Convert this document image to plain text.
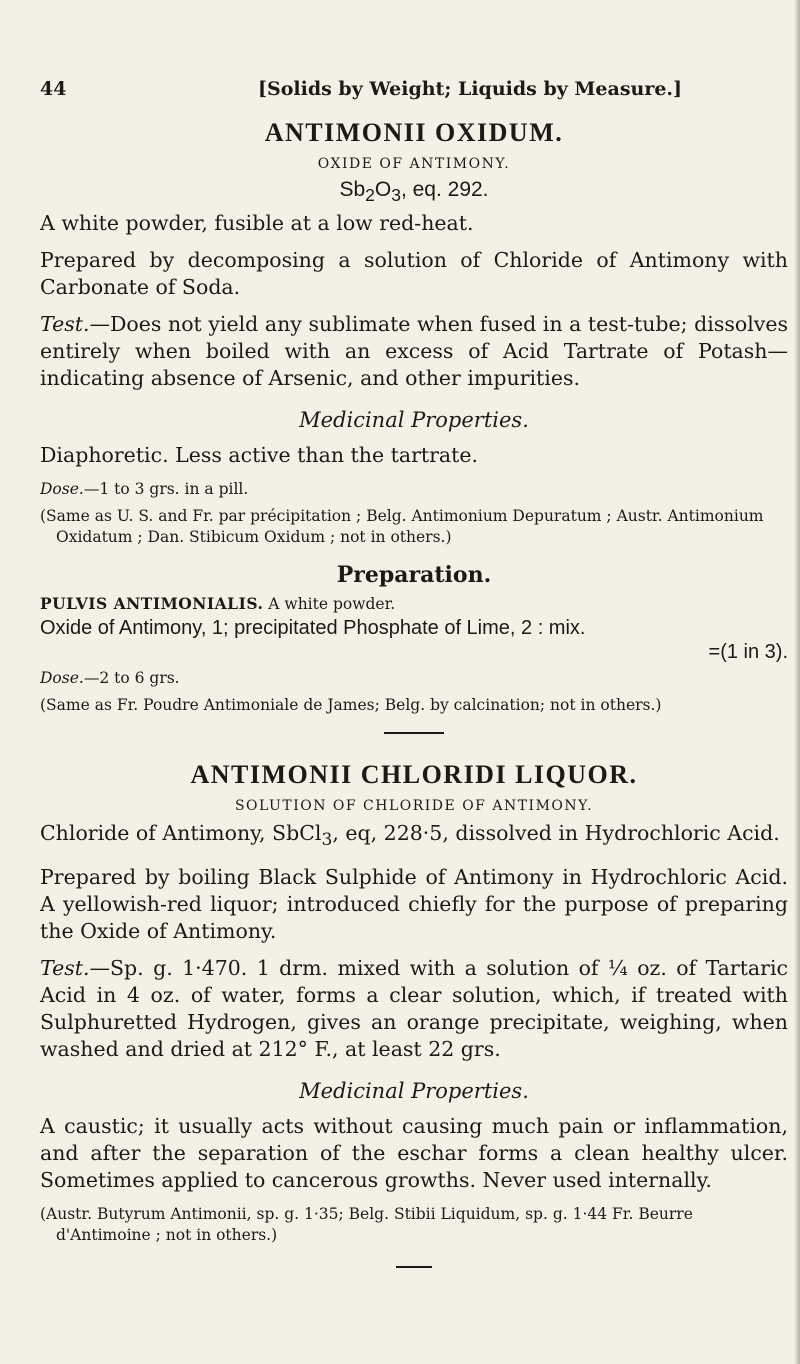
44	[Solids by Weight; Liquids by Measure.]
ANTIMONII OXIDUM.
OXIDE OF ANTIMONY.
$Sb_2O_3$, eq. 292.

A white powder, fusible at a low red-heat.

Prepared by decomposing a solution of Chloride of Antimony with Carbonate of Soda.

Test.—Does not yield any sublimate when fused in a test-tube; dissolves entirely when boiled with an excess of Acid Tartrate of Potash—indicating absence of Arsenic, and other impurities.

Medicinal Properties.

Diaphoretic. Less active than the tartrate.

Dose.—1 to 3 grs. in a pill.

(Same as U. S. and Fr. par précipitation ; Belg. Antimonium Depuratum ; Austr. Antimonium Oxidatum ; Dan. Stibicum Oxidum ; not in others.)

Preparation.
PULVIS ANTIMONIALIS. A white powder.

Oxide of Antimony, 1; precipitated Phosphate of Lime, 2 : mix.

=(1 in 3).

Dose.—2 to 6 grs.

(Same as Fr. Poudre Antimoniale de James; Belg. by calcination; not in others.)

ANTIMONII CHLORIDI LIQUOR.
SOLUTION OF CHLORIDE OF ANTIMONY.

Chloride of Antimony, SbCl$_3$, eq, 228·5, dissolved in Hydrochloric Acid.

Prepared by boiling Black Sulphide of Antimony in Hydrochloric Acid. A yellowish-red liquor; introduced chiefly for the purpose of preparing the Oxide of Antimony.

Test.—Sp. g. 1·470. 1 drm. mixed with a solution of ¼ oz. of Tartaric Acid in 4 oz. of water, forms a clear solution, which, if treated with Sulphuretted Hydrogen, gives an orange precipitate, weighing, when washed and dried at 212° F., at least 22 grs.

Medicinal Properties.

A caustic; it usually acts without causing much pain or inflammation, and after the separation of the eschar forms a clean healthy ulcer. Sometimes applied to cancerous growths. Never used internally.

(Austr. Butyrum Antimonii, sp. g. 1·35; Belg. Stibii Liquidum, sp. g. 1·44 Fr. Beurre d'Antimoine ; not in others.)
